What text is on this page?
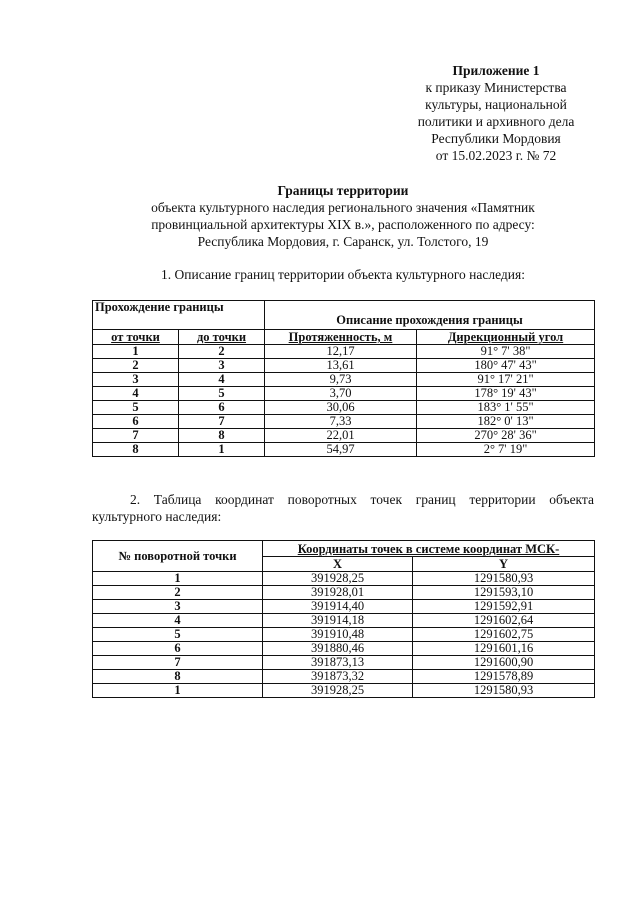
Приложение 1
к приказу Министерства
культуры, национальной
политики и архивного дела
Республики Мордовия
от 15.02.2023 г. № 72
Границы территории
объекта культурного наследия регионального значения «Памятник
провинциальной архитектуры XIX в.», расположенного по адресу:
Республика Мордовия, г. Саранск, ул. Толстого, 19
1. Описание границ территории объекта культурного наследия:
Прохождение границы		Описание прохождения границы	
от точки	до точки	Протяженность, м	Дирекционный угол
1	2	12,17	91° 7' 38"
2	3	13,61	180° 47' 43"
3	4	9,73	91° 17' 21"
4	5	3,70	178° 19' 43"
5	6	30,06	183° 1' 55"
6	7	7,33	182° 0' 13"
7	8	22,01	270° 28' 36"
8	1	54,97	2° 7' 19"
2. Таблица координат поворотных точек границ территории объекта культурного наследия:
№ поворотной точки	Координаты точек в системе координат МСК-	
	X	Y
1	391928,25	1291580,93
2	391928,01	1291593,10
3	391914,40	1291592,91
4	391914,18	1291602,64
5	391910,48	1291602,75
6	391880,46	1291601,16
7	391873,13	1291600,90
8	391873,32	1291578,89
1	391928,25	1291580,93
